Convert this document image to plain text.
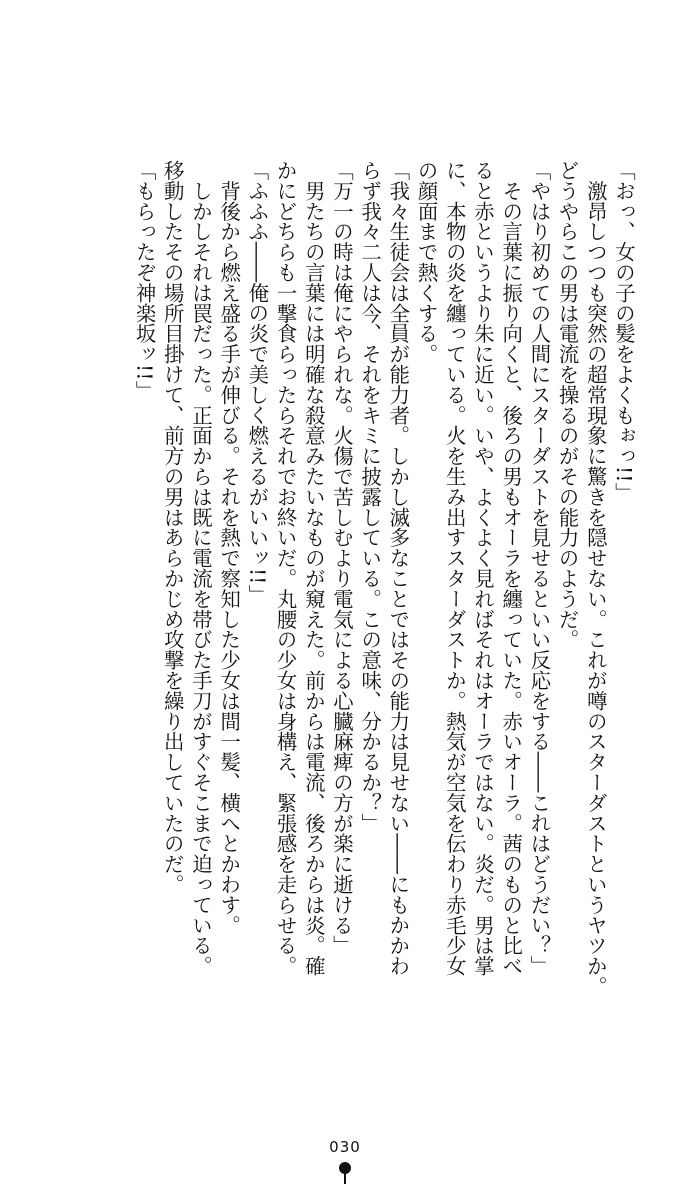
「おっ、女の子の髪をよくもぉっ!!」
　激昂しつつも突然の超常現象に驚きを隠せない。これが噂のスターダストというヤツか。
どうやらこの男は電流を操るのがその能力のようだ。
「やはり初めての人間にスターダストを見せるといい反応をする――これはどうだい？」
　その言葉に振り向くと、後ろの男もオーラを纏っていた。赤いオーラ。茜のものと比べ
ると赤というより朱に近い。いや、よくよく見ればそれはオーラではない。炎だ。男は掌
に、本物の炎を纏っている。火を生み出すスターダストか。熱気が空気を伝わり赤毛少女
の顔面まで熱くする。
「我々生徒会は全員が能力者。しかし滅多なことではその能力は見せない――にもかかわ
らず我々二人は今、それをキミに披露している。この意味、分かるか？」
「万一の時は俺にやられな。火傷で苦しむより電気による心臓麻痺の方が楽に逝ける」
　男たちの言葉には明確な殺意みたいなものが窺えた。前からは電流、後ろからは炎。確
かにどちらも一撃食らったらそれでお終いだ。丸腰の少女は身構え、緊張感を走らせる。
「ふふふ――俺の炎で美しく燃えるがいいッ!!」
　背後から燃え盛る手が伸びる。それを熱で察知した少女は間一髪、横へとかわす。
　しかしそれは罠だった。正面からは既に電流を帯びた手刀がすぐそこまで迫っている。
移動したその場所目掛けて、前方の男はあらかじめ攻撃を繰り出していたのだ。
「もらったぞ神楽坂ッ!!」
030
